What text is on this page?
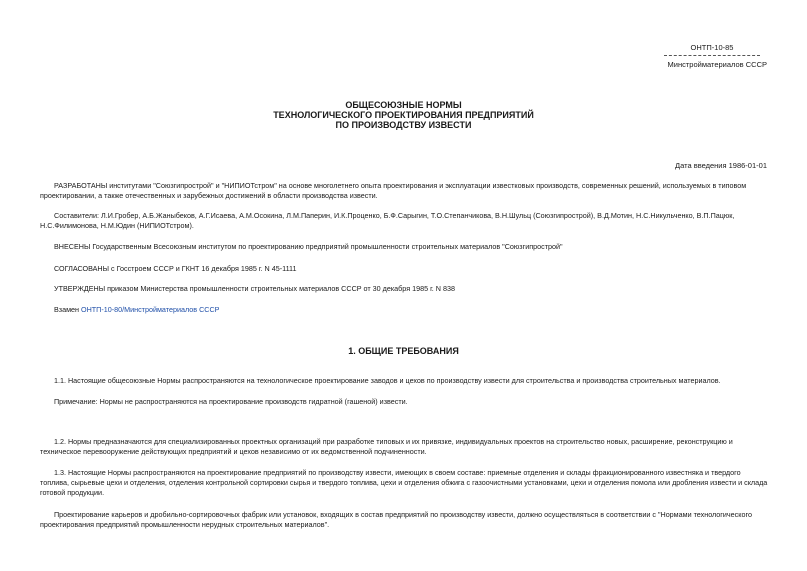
ОНТП-10-85
Минстройматериалов СССР
ОБЩЕСОЮЗНЫЕ НОРМЫ
ТЕХНОЛОГИЧЕСКОГО ПРОЕКТИРОВАНИЯ ПРЕДПРИЯТИЙ
ПО ПРОИЗВОДСТВУ ИЗВЕСТИ
Дата введения 1986-01-01
РАЗРАБОТАНЫ институтами "Союзгипрострой" и "НИПИОТстром" на основе многолетнего опыта проектирования и эксплуатации известковых производств, современных решений, используемых в типовом
проектировании, а также отечественных и зарубежных достижений в области производства извести.
Составители: Л.И.Гробер, А.Б.Жаныбеков, А.Г.Исаева, А.М.Осокина, Л.М.Паперин, И.К.Проценко, Б.Ф.Сарыгин, Т.О.Степанчикова, В.Н.Шульц (Союзгипрострой), В.Д.Мотин, Н.С.Никульченко, В.П.Пацюк,
Н.С.Филимонова, Н.М.Юдин (НИПИОТстром).
ВНЕСЕНЫ Государственным Всесоюзным институтом по проектированию предприятий промышленности строительных материалов "Союзгипрострой"
СОГЛАСОВАНЫ с Госстроем СССР и ГКНТ 16 декабря 1985 г. N 45-1111
УТВЕРЖДЕНЫ приказом Министерства промышленности строительных материалов СССР от 30 декабря 1985 г. N 838
Взамен ОНТП-10-80/Минстройматериалов СССР
1. ОБЩИЕ ТРЕБОВАНИЯ
1.1. Настоящие общесоюзные Нормы распространяются на технологическое проектирование заводов и цехов по производству извести для строительства и производства строительных материалов.
Примечание: Нормы не распространяются на проектирование производств гидратной (гашеной) извести.
1.2. Нормы предназначаются для специализированных проектных организаций при разработке типовых и их привязке, индивидуальных проектов на строительство новых, расширение, реконструкцию и
техническое перевооружение действующих предприятий и цехов независимо от их ведомственной подчиненности.
1.3. Настоящие Нормы распространяются на проектирование предприятий по производству извести, имеющих в своем составе: приемные отделения и склады фракционированного известняка и твердого
топлива, сырьевые цехи и отделения, отделения контрольной сортировки сырья и твердого топлива, цехи и отделения обжига с газоочистными установками, цехи и отделения помола или дробления извести и склада
готовой продукции.
Проектирование карьеров и дробильно-сортировочных фабрик или установок, входящих в состав предприятий по производству извести, должно осуществляться в соответствии с "Нормами технологического
проектирования предприятий промышленности нерудных строительных материалов".
